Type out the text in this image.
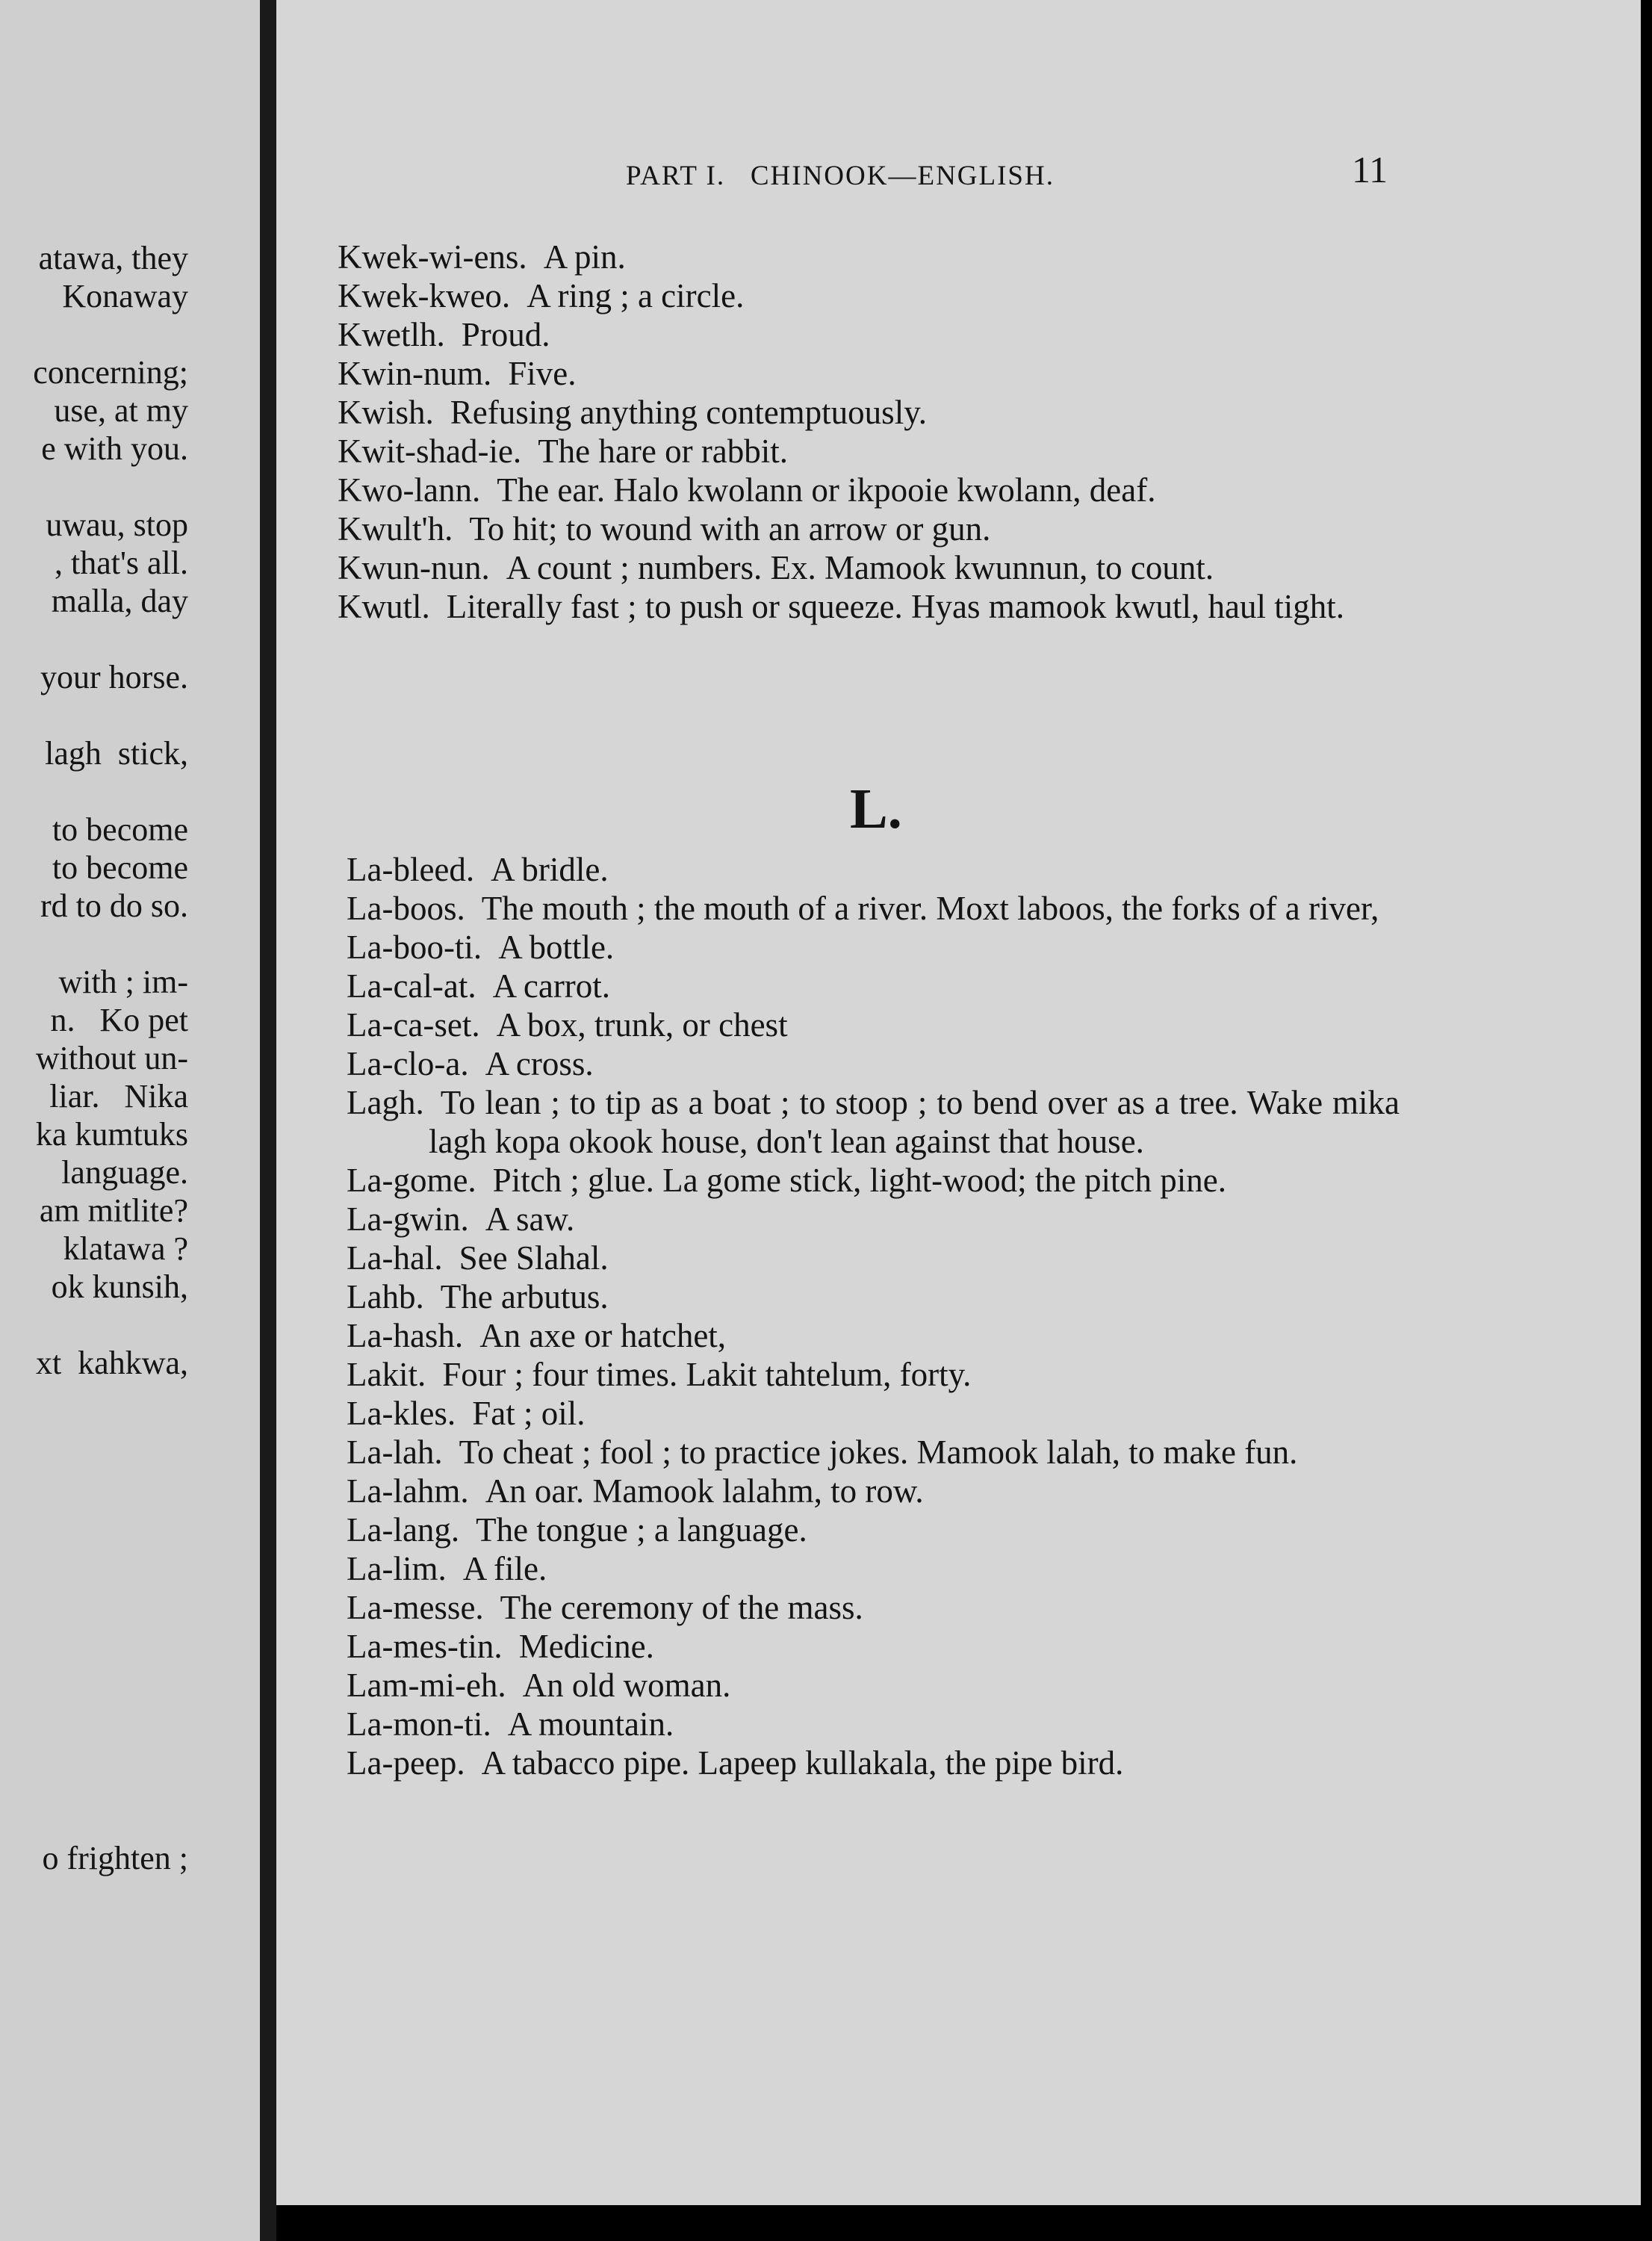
atawa, they
Konaway
concerning;
use, at my
e with you.
uwau, stop
, that's all.
malla, day
your horse.
lagh  stick,
to become
to become
rd to do so.
with ; im-
n.   Ko pet
without un-
liar.   Nika
ka kumtuks
language.
am mitlite?
klatawa ?
ok kunsih,
xt  kahkwa,
o frighten ;
PART I.   CHINOOK—ENGLISH.	11
Kwek-wi-ens. A pin.
Kwek-kweo. A ring ; a circle.
Kwetlh. Proud.
Kwin-num. Five.
Kwish. Refusing anything contemptuously.
Kwit-shad-ie. The hare or rabbit.
Kwo-lann. The ear. Halo kwolann or ikpooie kwolann, deaf.
Kwult'h. To hit; to wound with an arrow or gun.
Kwun-nun. A count ; numbers. Ex. Mamook kwunnun, to count.
Kwutl. Literally fast ; to push or squeeze. Hyas mamook kwutl, haul tight.
L.
La-bleed. A bridle.
La-boos. The mouth ; the mouth of a river. Moxt laboos, the forks of a river,
La-boo-ti. A bottle.
La-cal-at. A carrot.
La-ca-set. A box, trunk, or chest
La-clo-a. A cross.
Lagh. To lean ; to tip as a boat ; to stoop ; to bend over as a tree. Wake mika lagh kopa okook house, don't lean against that house.
La-gome. Pitch ; glue. La gome stick, light-wood; the pitch pine.
La-gwin. A saw.
La-hal. See Slahal.
Lahb. The arbutus.
La-hash. An axe or hatchet,
Lakit. Four ; four times. Lakit tahtelum, forty.
La-kles. Fat ; oil.
La-lah. To cheat ; fool ; to practice jokes. Mamook lalah, to make fun.
La-lahm. An oar. Mamook lalahm, to row.
La-lang. The tongue ; a language.
La-lim. A file.
La-messe. The ceremony of the mass.
La-mes-tin. Medicine.
Lam-mi-eh. An old woman.
La-mon-ti. A mountain.
La-peep. A tabacco pipe. Lapeep kullakala, the pipe bird.
